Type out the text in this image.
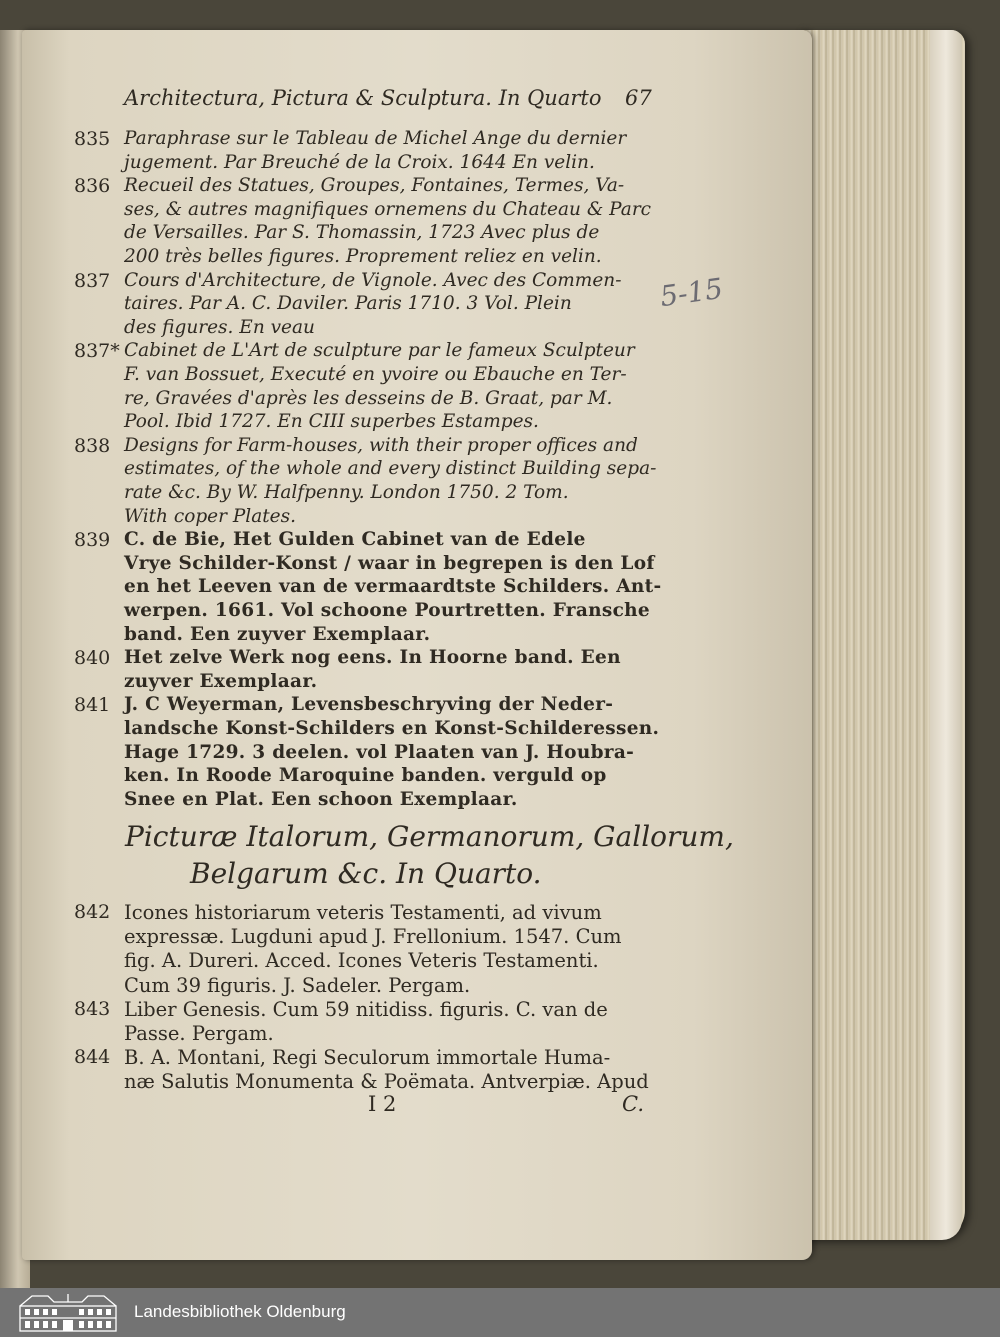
Architectura, Pictura & Sculptura. In Quarto 67
835 Paraphrase sur le Tableau de Michel Ange du dernier
jugement. Par Breuché de la Croix. 1644 En velin.
836 Recueil des Statues, Groupes, Fontaines, Termes, Va-
ses, & autres magnifiques ornemens du Chateau & Parc
de Versailles. Par S. Thomassin, 1723 Avec plus de
200 très belles figures. Proprement reliez en velin.
837 Cours d'Architecture, de Vignole. Avec des Commen-
taires. Par A. C. Daviler. Paris 1710. 3 Vol. Plein
des figures. En veau
837* Cabinet de L'Art de sculpture par le fameux Sculpteur
F. van Bossuet, Executé en yvoire ou Ebauche en Ter-
re, Gravées d'après les desseins de B. Graat, par M.
Pool. Ibid 1727. En CIII superbes Estampes.
838 Designs for Farm-houses, with their proper offices and
estimates, of the whole and every distinct Building sepa-
rate &c. By W. Halfpenny. London 1750. 2 Tom.
With coper Plates.
839 C. de Bie, Het Gulden Cabinet van de Edele
Vrye Schilder-Konst / waar in begrepen is den Lof
en het Leeven van de vermaardtste Schilders. Ant-
werpen. 1661. Vol schoone Pourtretten. Fransche
band. Een zuyver Exemplaar.
840 Het zelve Werk nog eens. In Hoorne band. Een
zuyver Exemplaar.
841 J. C Weyerman, Levensbeschryving der Neder-
landsche Konst-Schilders en Konst-Schilderessen.
Hage 1729. 3 deelen. vol Plaaten van J. Houbra-
ken. In Roode Maroquine banden. verguld op
Snee en Plat. Een schoon Exemplaar.
Picturæ Italorum, Germanorum, Gallorum,
Belgarum &c. In Quarto.
842 Icones historiarum veteris Testamenti, ad vivum
expressæ. Lugduni apud J. Frellonium. 1547. Cum
fig. A. Dureri. Acced. Icones Veteris Testamenti.
Cum 39 figuris. J. Sadeler. Pergam.
843 Liber Genesis. Cum 59 nitidiss. figuris. C. van de
Passe. Pergam.
844 B. A. Montani, Regi Seculorum immortale Huma-
næ Salutis Monumenta & Poëmata. Antverpiæ. Apud
I 2	C.
5-15
Landesbibliothek Oldenburg
